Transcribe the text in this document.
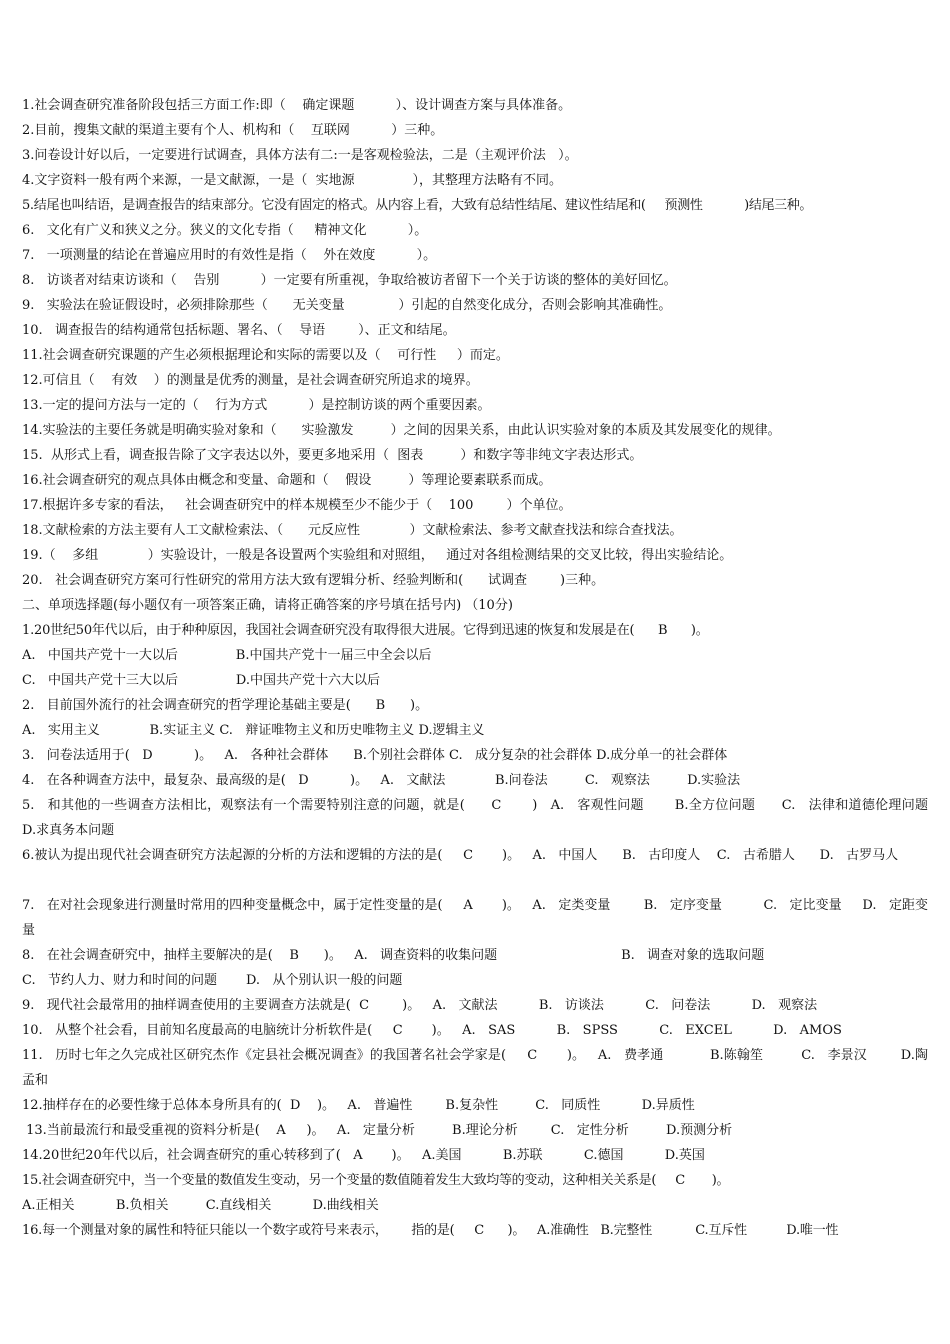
1.社会调查研究准备阶段包括三方面工作:即（    确定课题          ）、设计调查方案与具体准备。
2.目前，搜集文献的渠道主要有个人、机构和（    互联网          ）三种。
3.问卷设计好以后，一定要进行试调查，具体方法有二:一是客观检验法，二是（主观评价法   ）。
4.文字资料一般有两个来源，一是文献源，一是（  实地源              ），其整理方法略有不同。
5.结尾也叫结语，是调查报告的结束部分。它没有固定的格式。从内容上看，大致有总结性结尾、建议性结尾和(     预测性           )结尾三种。
6.   文化有广义和狭义之分。狭义的文化专指（     精神文化          ）。
7.   一项测量的结论在普遍应用时的有效性是指（    外在效度          ）。
8.   访谈者对结束访谈和（    告别          ）一定要有所重视，争取给被访者留下一个关于访谈的整体的美好回忆。
9.   实验法在验证假设时，必须排除那些（      无关变量             ）引起的自然变化成分，否则会影响其准确性。
10.   调查报告的结构通常包括标题、署名、（    导语        ）、正文和结尾。
11.社会调查研究课题的产生必须根据理论和实际的需要以及（    可行性     ）而定。
12.可信且（    有效    ）的测量是优秀的测量，是社会调查研究所追求的境界。
13.一定的提问方法与一定的（    行为方式          ）是控制访谈的两个重要因素。
14.实验法的主要任务就是明确实验对象和（      实验激发         ）之间的因果关系，由此认识实验对象的本质及其发展变化的规律。
15.  从形式上看，调查报告除了文字表达以外，要更多地采用（  图表         ）和数字等非纯文字表达形式。
16.社会调查研究的观点具体由概念和变量、命题和（    假设         ）等理论要素联系而成。
17.根据许多专家的看法，   社会调查研究中的样本规模至少不能少于（    100        ）个单位。
18.文献检索的方法主要有人工文献检索法、（      元反应性            ）文献检索法、参考文献查找法和综合查找法。
19.（    多组            ）实验设计，一般是各设置两个实验组和对照组，   通过对各组检测结果的交叉比较，得出实验结论。
20.   社会调查研究方案可行性研究的常用方法大致有逻辑分析、经验判断和(      试调查        )三种。
二、单项选择题(每小题仅有一项答案正确，请将正确答案的序号填在括号内) （10分)
1.20世纪50年代以后，由于种种原因，我国社会调查研究没有取得很大进展。它得到迅速的恢复和发展是在(      B      )。
A.   中国共产党十一大以后              B.中国共产党十一届三中全会以后
C.   中国共产党十三大以后              D.中国共产党十六大以后
2.   目前国外流行的社会调查研究的哲学理论基础主要是(      B      )。
A.   实用主义            B.实证主义 C.   辩证唯物主义和历史唯物主义 D.逻辑主义
3.   问卷法适用于(   D          )。   A.   各种社会群体      B.个别社会群体 C.   成分复杂的社会群体 D.成分单一的社会群体
4.   在各种调查方法中，最复杂、最高级的是(   D          )。   A.   文献法            B.问卷法         C.   观察法         D.实验法
5.   和其他的一些调查方法相比，观察法有一个需要特别注意的问题，就是(      C       )   A.   客观性问题       B.全方位问题      C.   法律和道德伦理问题       D.求真务本问题
6.被认为提出现代社会调查研究方法起源的分析的方法和逻辑的方法的是(     C       )。   A.   中国人      B.   古印度人    C.   古希腊人      D.   古罗马人
7.   在对社会现象进行测量时常用的四种变量概念中，属于定性变量的是(     A       )。   A.   定类变量        B.   定序变量          C.   定比变量     D.   定距变量
8.   在社会调查研究中，抽样主要解决的是(    B      )。   A.   调查资料的收集问题                              B.   调查对象的选取问题
C.   节约人力、财力和时间的问题       D.   从个别认识一般的问题
9.   现代社会最常用的抽样调查使用的主要调查方法就是(  C        )。   A.   文献法          B.   访谈法          C.   问卷法          D.   观察法
10.   从整个社会看，目前知名度最高的电脑统计分析软件是(     C       )。   A.   SAS          B.   SPSS          C.   EXCEL          D.   AMOS
11.   历时七年之久完成社区研究杰作《定县社会概况调查》的我国著名社会学家是(     C       )。   A.   费孝通           B.陈翰笙         C.   李景汉        D.陶孟和
12.抽样存在的必要性缘于总体本身所具有的(  D    )。   A.   普遍性        B.复杂性         C.   同质性          D.异质性
13.当前最流行和最受重视的资料分析是(    A     )。   A.   定量分析         B.理论分析        C.   定性分析         D.预测分析
14.20世纪20年代以后，社会调查研究的重心转移到了(   A       )。   A.美国          B.苏联          C.德国          D.英国
15.社会调查研究中，当一个变量的数值发生变动，另一个变量的数值随着发生大致均等的变动，这种相关关系是(     C       )。
A.正相关          B.负相关         C.直线相关          D.曲线相关
16.每一个测量对象的属性和特征只能以一个数字或符号来表示，      指的是(     C      )。   A.准确性   B.完整性           C.互斥性          D.唯一性
